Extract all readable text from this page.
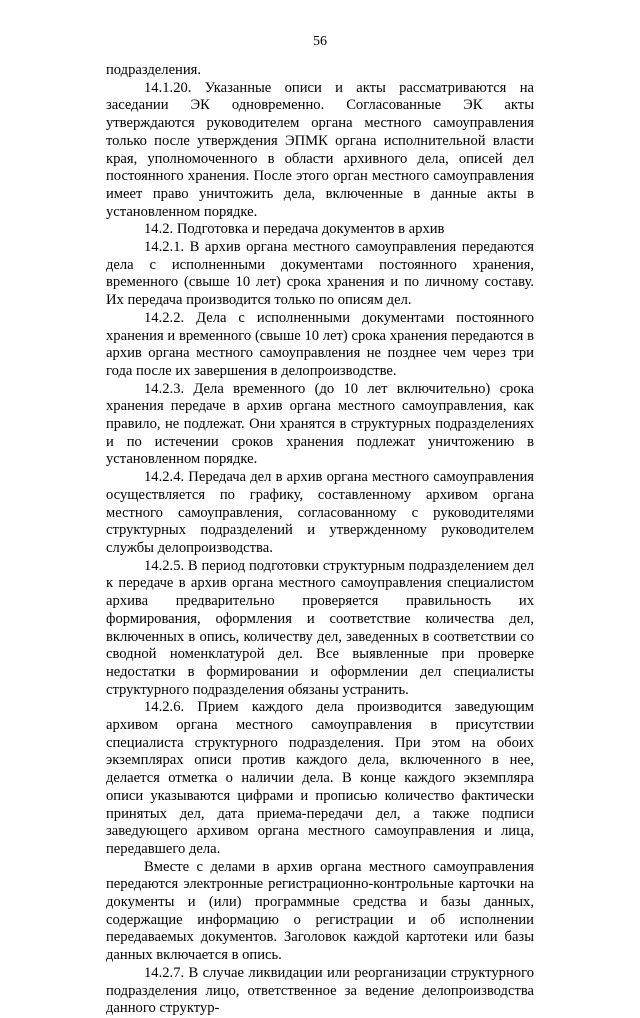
56

подразделения.

14.1.20. Указанные описи и акты рассматриваются на заседании ЭК одновременно. Согласованные ЭК акты утверждаются руководителем органа местного самоуправления только после утверждения ЭПМК органа исполнительной власти края, уполномоченного в области архивного дела, описей дел постоянного хранения. После этого орган местного самоуправления имеет право уничтожить дела, включенные в данные акты в установленном порядке.

14.2. Подготовка и передача документов в архив

14.2.1. В архив органа местного самоуправления передаются дела с исполненными документами постоянного хранения, временного (свыше 10 лет) срока хранения и по личному составу. Их передача производится только по описям дел.

14.2.2. Дела с исполненными документами постоянного хранения и временного (свыше 10 лет) срока хранения передаются в архив органа местного самоуправления не позднее чем через три года после их завершения в делопроизводстве.

14.2.3. Дела временного (до 10 лет включительно) срока хранения передаче в архив органа местного самоуправления, как правило, не подлежат. Они хранятся в структурных подразделениях и по истечении сроков хранения подлежат уничтожению в установленном порядке.

14.2.4. Передача дел в архив органа местного самоуправления осуществляется по графику, составленному архивом органа местного самоуправления, согласованному с руководителями структурных подразделений и утвержденному руководителем службы делопроизводства.

14.2.5. В период подготовки структурным подразделением дел к передаче в архив органа местного самоуправления специалистом архива предварительно проверяется правильность их формирования, оформления и соответствие количества дел, включенных в опись, количеству дел, заведенных в соответствии со сводной номенклатурой дел. Все выявленные при проверке недостатки в формировании и оформлении дел специалисты структурного подразделения обязаны устранить.

14.2.6. Прием каждого дела производится заведующим архивом органа местного самоуправления в присутствии специалиста структурного подразделения. При этом на обоих экземплярах описи против каждого дела, включенного в нее, делается отметка о наличии дела. В конце каждого экземпляра описи указываются цифрами и прописью количество фактически принятых дел, дата приема-передачи дел, а также подписи заведующего архивом органа местного самоуправления и лица, передавшего дела.

Вместе с делами в архив органа местного самоуправления передаются электронные регистрационно-контрольные карточки на документы и (или) программные средства и базы данных, содержащие информацию о регистрации и об исполнении передаваемых документов. Заголовок каждой картотеки или базы данных включается в опись.

14.2.7. В случае ликвидации или реорганизации структурного подразделения лицо, ответственное за ведение делопроизводства данного структур-
